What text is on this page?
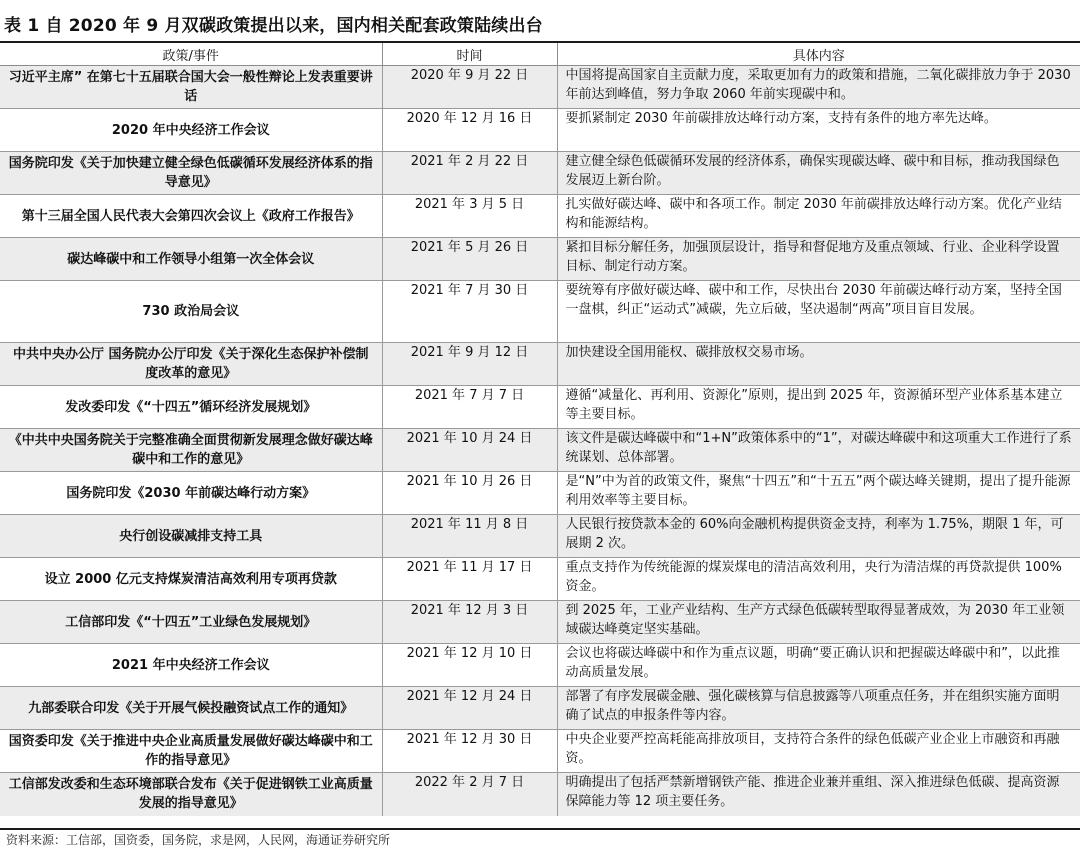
表 1 自 2020 年 9 月双碳政策提出以来，国内相关配套政策陆续出台
政策/事件	时间	具体内容
习近平主席” 在第七十五届联合国大会一般性辩论上发表重要讲话	2020 年 9 月 22 日	中国将提高国家自主贡献力度，采取更加有力的政策和措施，二氧化碳排放力争于 2030 年前达到峰值，努力争取 2060 年前实现碳中和。
2020 年中央经济工作会议	2020 年 12 月 16 日	要抓紧制定 2030 年前碳排放达峰行动方案，支持有条件的地方率先达峰。
国务院印发《关于加快建立健全绿色低碳循环发展经济体系的指导意见》	2021 年 2 月 22 日	建立健全绿色低碳循环发展的经济体系，确保实现碳达峰、碳中和目标，推动我国绿色发展迈上新台阶。
第十三届全国人民代表大会第四次会议上《政府工作报告》	2021 年 3 月 5 日	扎实做好碳达峰、碳中和各项工作。制定 2030 年前碳排放达峰行动方案。优化产业结构和能源结构。
碳达峰碳中和工作领导小组第一次全体会议	2021 年 5 月 26 日	紧扣目标分解任务，加强顶层设计，指导和督促地方及重点领域、行业、企业科学设置目标、制定行动方案。
730 政治局会议	2021 年 7 月 30 日	要统筹有序做好碳达峰、碳中和工作，尽快出台 2030 年前碳达峰行动方案，坚持全国一盘棋，纠正“运动式”减碳，先立后破，坚决遏制“两高”项目盲目发展。
中共中央办公厅 国务院办公厅印发《关于深化生态保护补偿制度改革的意见》	2021 年 9 月 12 日	加快建设全国用能权、碳排放权交易市场。
发改委印发《“十四五”循环经济发展规划》	2021 年 7 月 7 日	遵循“减量化、再利用、资源化”原则，提出到 2025 年，资源循环型产业体系基本建立等主要目标。
《中共中央国务院关于完整准确全面贯彻新发展理念做好碳达峰碳中和工作的意见》	2021 年 10 月 24 日	该文件是碳达峰碳中和“1+N”政策体系中的“1”，对碳达峰碳中和这项重大工作进行了系统谋划、总体部署。
国务院印发《2030 年前碳达峰行动方案》	2021 年 10 月 26 日	是“N”中为首的政策文件，聚焦“十四五”和“十五五”两个碳达峰关键期，提出了提升能源利用效率等主要目标。
央行创设碳减排支持工具	2021 年 11 月 8 日	人民银行按贷款本金的 60%向金融机构提供资金支持，利率为 1.75%，期限 1 年，可展期 2 次。
设立 2000 亿元支持煤炭清洁高效利用专项再贷款	2021 年 11 月 17 日	重点支持作为传统能源的煤炭煤电的清洁高效利用，央行为清洁煤的再贷款提供 100%资金。
工信部印发《“十四五”工业绿色发展规划》	2021 年 12 月 3 日	到 2025 年，工业产业结构、生产方式绿色低碳转型取得显著成效，为 2030 年工业领域碳达峰奠定坚实基础。
2021 年中央经济工作会议	2021 年 12 月 10 日	会议也将碳达峰碳中和作为重点议题，明确“要正确认识和把握碳达峰碳中和”，以此推动高质量发展。
九部委联合印发《关于开展气候投融资试点工作的通知》	2021 年 12 月 24 日	部署了有序发展碳金融、强化碳核算与信息披露等八项重点任务，并在组织实施方面明确了试点的申报条件等内容。
国资委印发《关于推进中央企业高质量发展做好碳达峰碳中和工作的指导意见》	2021 年 12 月 30 日	中央企业要严控高耗能高排放项目，支持符合条件的绿色低碳产业企业上市融资和再融资。
工信部发改委和生态环境部联合发布《关于促进钢铁工业高质量发展的指导意见》	2022 年 2 月 7 日	明确提出了包括严禁新增钢铁产能、推进企业兼并重组、深入推进绿色低碳、提高资源保障能力等 12 项主要任务。
资料来源：工信部，国资委，国务院，求是网，人民网，海通证券研究所
